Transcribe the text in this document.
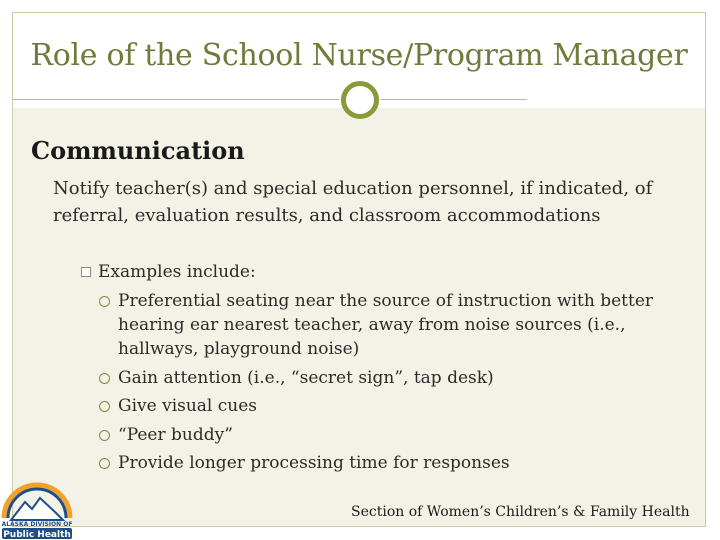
Role of the School Nurse/Program Manager
Communication

Notify teacher(s) and special education personnel, if indicated, of referral, evaluation results, and classroom accommodations

Examples include:
Preferential seating near the source of instruction with better hearing ear nearest teacher, away from noise sources (i.e., hallways, playground noise)
Gain attention (i.e., “secret sign”, tap desk)
Give visual cues
“Peer buddy”
Provide longer processing time for responses
ALASKA DIVISION OF
Public Health
Section of Women’s Children’s & Family Health
